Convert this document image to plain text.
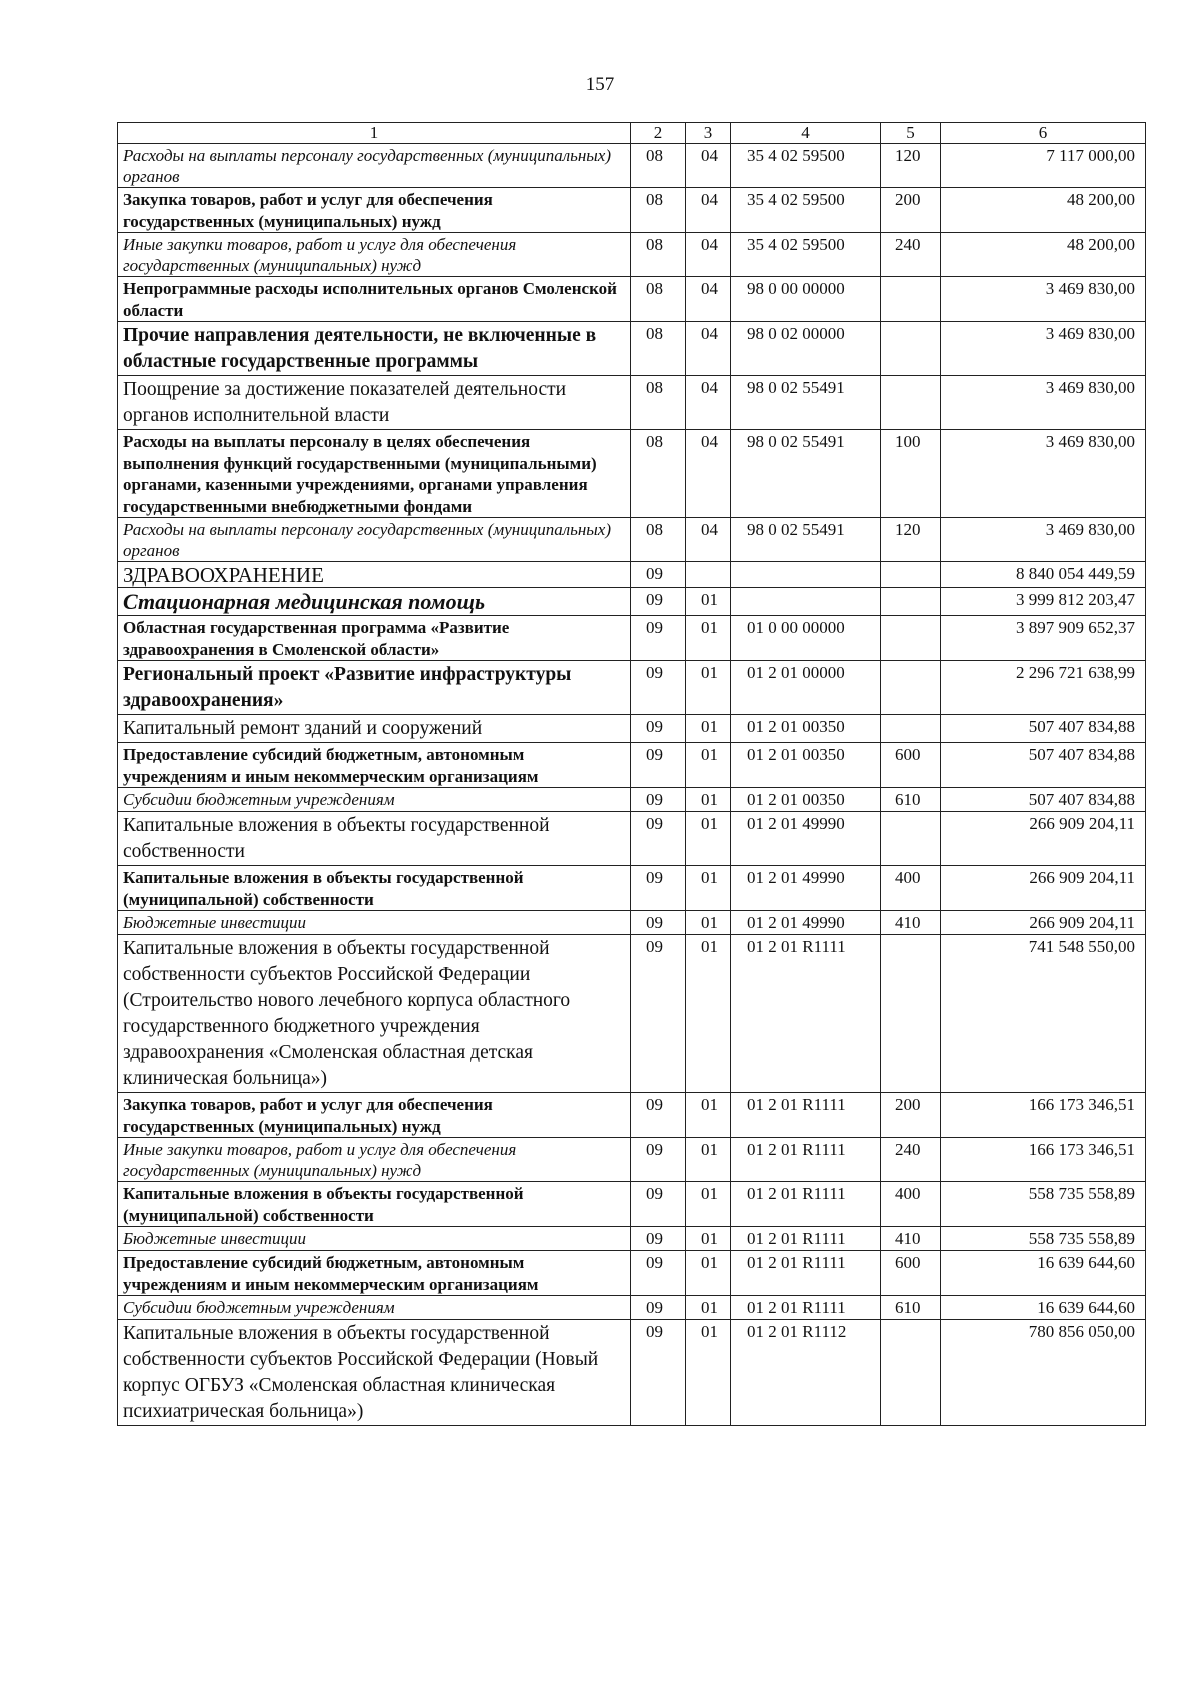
157
1	2	3	4	5	6
Расходы на выплаты персоналу государственных (муниципальных) органов	08	04	35 4 02 59500	120	7 117 000,00
Закупка товаров, работ и услуг для обеспечения государственных (муниципальных) нужд	08	04	35 4 02 59500	200	48 200,00
Иные закупки товаров, работ и услуг для обеспечения государственных (муниципальных) нужд	08	04	35 4 02 59500	240	48 200,00
Непрограммные расходы исполнительных органов Смоленской области	08	04	98 0 00 00000		3 469 830,00
Прочие направления деятельности, не включенные в областные государственные программы	08	04	98 0 02 00000		3 469 830,00
Поощрение за достижение показателей деятельности органов исполнительной власти	08	04	98 0 02 55491		3 469 830,00
Расходы на выплаты персоналу в целях обеспечения выполнения функций государственными (муниципальными) органами, казенными учреждениями, органами управления государственными внебюджетными фондами	08	04	98 0 02 55491	100	3 469 830,00
Расходы на выплаты персоналу государственных (муниципальных) органов	08	04	98 0 02 55491	120	3 469 830,00
ЗДРАВООХРАНЕНИЕ	09				8 840 054 449,59
Стационарная медицинская помощь	09	01			3 999 812 203,47
Областная государственная программа «Развитие здравоохранения в Смоленской области»	09	01	01 0 00 00000		3 897 909 652,37
Региональный проект «Развитие инфраструктуры здравоохранения»	09	01	01 2 01 00000		2 296 721 638,99
Капитальный ремонт зданий и сооружений	09	01	01 2 01 00350		507 407 834,88
Предоставление субсидий бюджетным, автономным учреждениям и иным некоммерческим организациям	09	01	01 2 01 00350	600	507 407 834,88
Субсидии бюджетным учреждениям	09	01	01 2 01 00350	610	507 407 834,88
Капитальные вложения в объекты государственной собственности	09	01	01 2 01 49990		266 909 204,11
Капитальные вложения в объекты государственной (муниципальной) собственности	09	01	01 2 01 49990	400	266 909 204,11
Бюджетные инвестиции	09	01	01 2 01 49990	410	266 909 204,11
Капитальные вложения в объекты государственной собственности субъектов Российской Федерации (Строительство нового лечебного корпуса областного государственного бюджетного учреждения здравоохранения «Смоленская областная детская клиническая больница»)	09	01	01 2 01 R1111		741 548 550,00
Закупка товаров, работ и услуг для обеспечения государственных (муниципальных) нужд	09	01	01 2 01 R1111	200	166 173 346,51
Иные закупки товаров, работ и услуг для обеспечения государственных (муниципальных) нужд	09	01	01 2 01 R1111	240	166 173 346,51
Капитальные вложения в объекты государственной (муниципальной) собственности	09	01	01 2 01 R1111	400	558 735 558,89
Бюджетные инвестиции	09	01	01 2 01 R1111	410	558 735 558,89
Предоставление субсидий бюджетным, автономным учреждениям и иным некоммерческим организациям	09	01	01 2 01 R1111	600	16 639 644,60
Субсидии бюджетным учреждениям	09	01	01 2 01 R1111	610	16 639 644,60
Капитальные вложения в объекты государственной собственности субъектов Российской Федерации (Новый корпус ОГБУЗ «Смоленская областная клиническая психиатрическая больница»)	09	01	01 2 01 R1112		780 856 050,00
